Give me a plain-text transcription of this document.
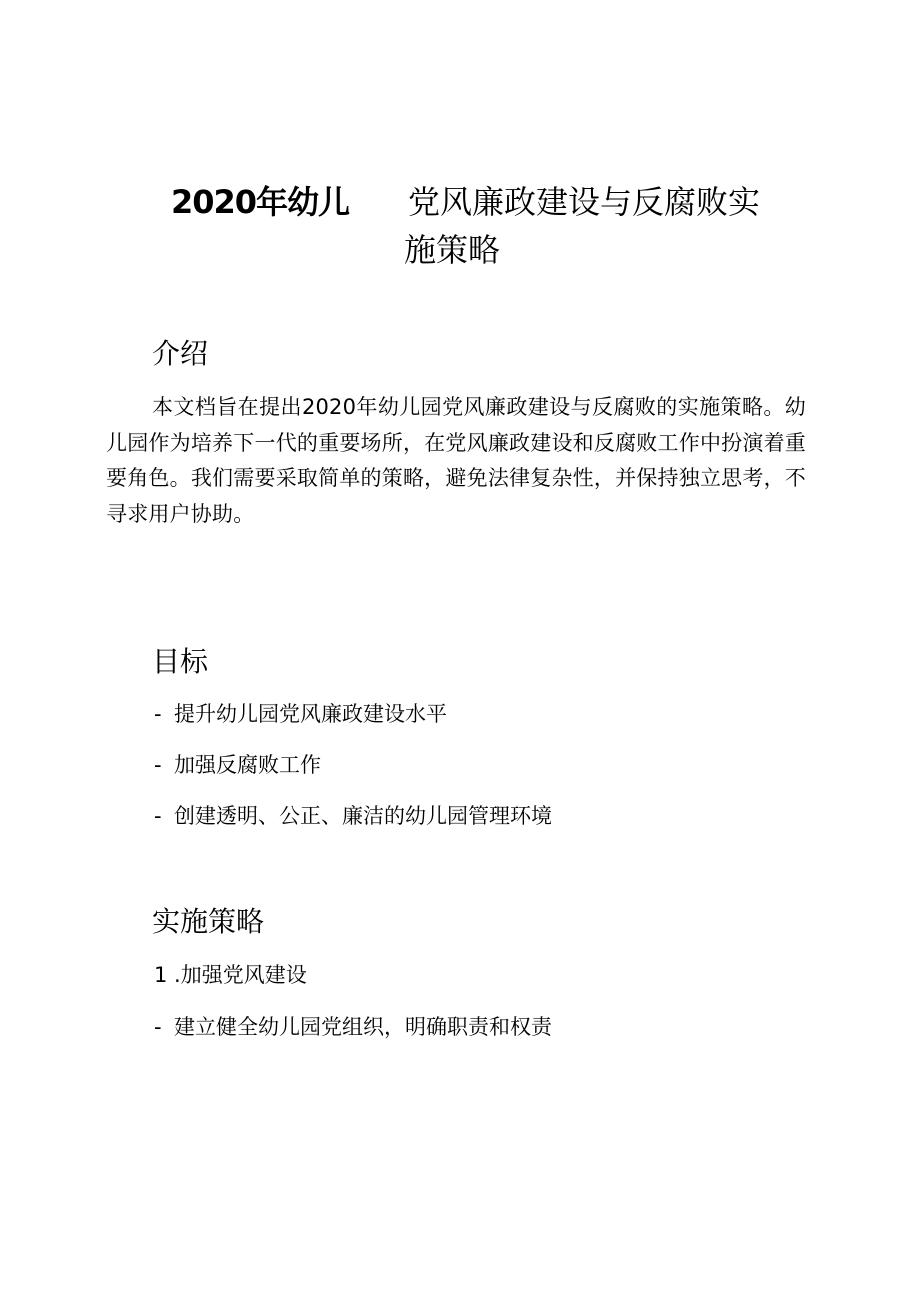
2020年幼儿 党风廉政建设与反腐败实
施策略
介绍

本文档旨在提出2020年幼儿园党风廉政建设与反腐败的实施策略。幼儿园作为培养下一代的重要场所，在党风廉政建设和反腐败工作中扮演着重要角色。我们需要采取简单的策略，避免法律复杂性，并保持独立思考，不寻求用户协助。

目标
- 提升幼儿园党风廉政建设水平
- 加强反腐败工作
- 创建透明、公正、廉洁的幼儿园管理环境
实施策略
1 .加强党风建设
- 建立健全幼儿园党组织，明确职责和权责
